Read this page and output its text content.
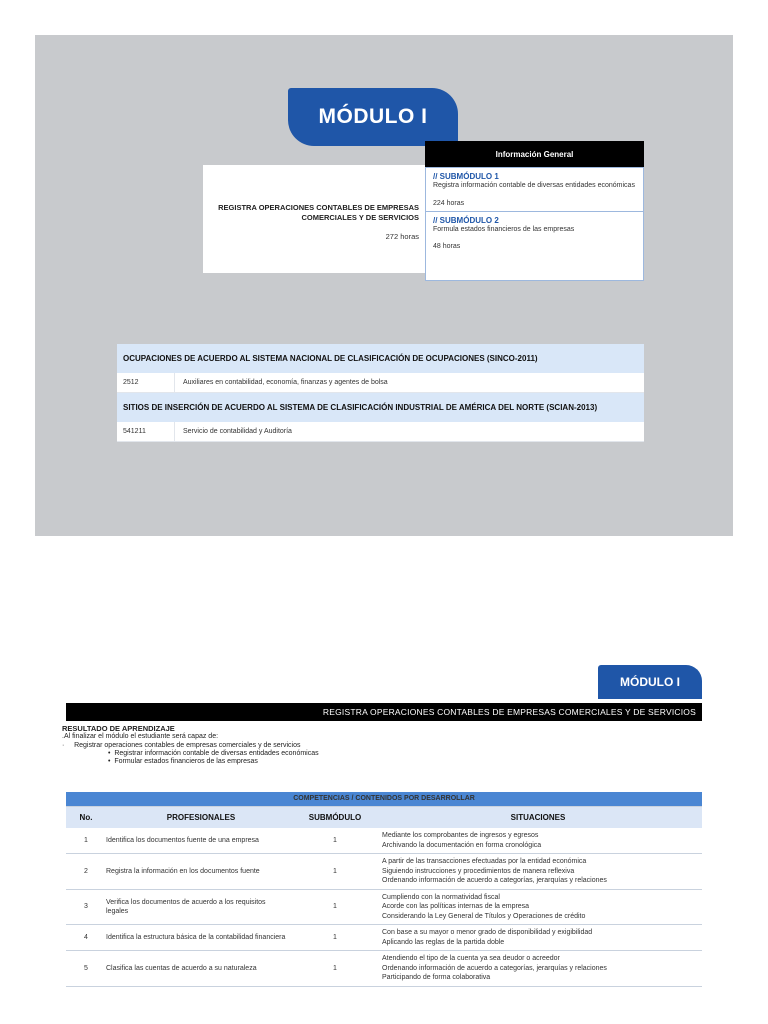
MÓDULO I
Información General
REGISTRA OPERACIONES CONTABLES DE EMPRESAS COMERCIALES Y DE SERVICIOS
272 horas
// SUBMÓDULO 1
Registra información contable de diversas entidades económicas
224 horas
// SUBMÓDULO 2
Formula estados financieros de las empresas
48 horas
OCUPACIONES DE ACUERDO AL SISTEMA NACIONAL DE CLASIFICACIÓN DE OCUPACIONES (SINCO-2011)
2512	Auxiliares en contabilidad, economía, finanzas y agentes de bolsa
SITIOS DE INSERCIÓN DE ACUERDO AL SISTEMA DE CLASIFICACIÓN INDUSTRIAL DE AMÉRICA DEL NORTE (SCIAN-2013)
541211	Servicio de contabilidad y Auditoría
MÓDULO I
REGISTRA OPERACIONES CONTABLES DE EMPRESAS COMERCIALES Y DE SERVICIOS
RESULTADO DE APRENDIZAJE
.Al finalizar el módulo el estudiante será capaz de:
·     Registrar operaciones contables de empresas comerciales y de servicios
•  Registrar información contable de diversas entidades económicas
•  Formular estados financieros de las empresas
COMPETENCIAS / CONTENIDOS POR DESARROLLAR			
No.	PROFESIONALES	SUBMÓDULO	SITUACIONES
1	Identifica los documentos fuente de una empresa	1	Mediante los comprobantes de ingresos y egresos
Archivando la documentación en forma cronológica

2	Registra la información en los documentos fuente	1	A partir de las transacciones efectuadas por la entidad económica
Siguiendo instrucciones y procedimientos de manera reflexiva
Ordenando información de acuerdo a categorías, jerarquías y relaciones

3	Verifica los documentos de acuerdo a los requisitos legales	1	Cumpliendo con la normatividad fiscal
Acorde con las políticas internas de la empresa
Considerando la Ley General de Títulos y Operaciones de crédito

4	Identifica la estructura básica de la contabilidad financiera	1	Con base a su mayor o menor grado de disponibilidad y exigibilidad
Aplicando las reglas de la partida doble

5	Clasifica las cuentas de acuerdo a su naturaleza	1	Atendiendo el tipo de la cuenta ya sea deudor o acreedor
Ordenando información de acuerdo a categorías, jerarquías y relaciones
Participando de forma colaborativa
